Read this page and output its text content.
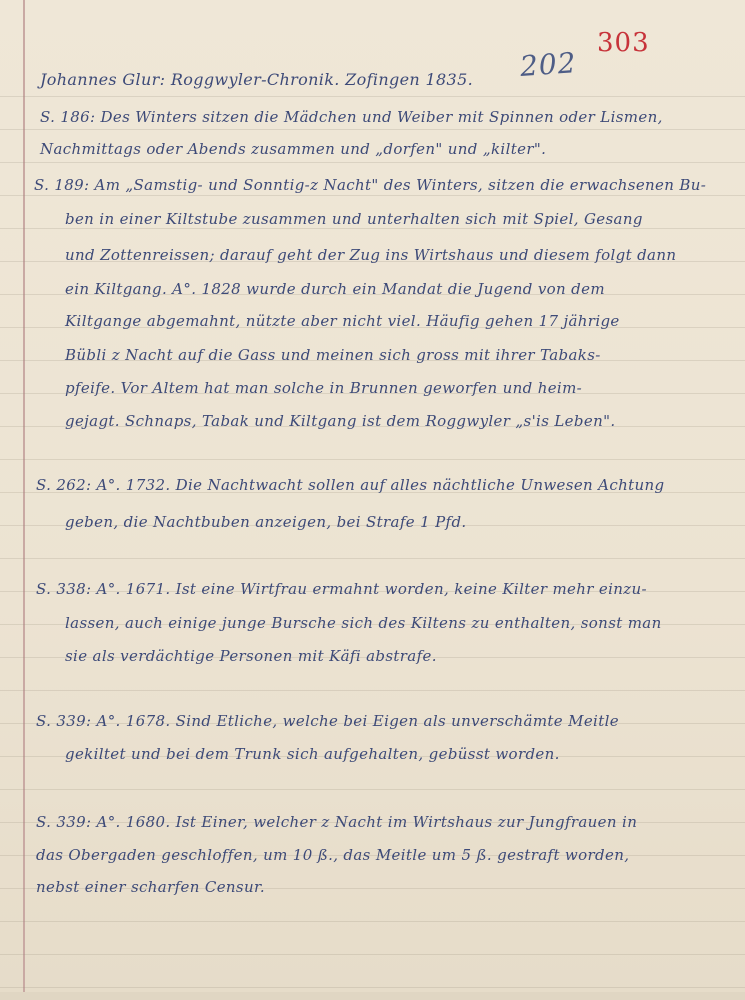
202
303
Johannes Glur: Roggwyler-Chronik. Zofingen 1835.
S. 186: Des Winters sitzen die Mädchen und Weiber mit Spinnen oder Lismen,
Nachmittags oder Abends zusammen und „dorfen" und „kilter".
S. 189: Am „Samstig- und Sonntig-z Nacht" des Winters, sitzen die erwachsenen Bu-
ben in einer Kiltstube zusammen und unterhalten sich mit Spiel, Gesang
und Zottenreissen; darauf geht der Zug ins Wirtshaus und diesem folgt dann
ein Kiltgang. A°. 1828 wurde durch ein Mandat die Jugend von dem
Kiltgange abgemahnt, nützte aber nicht viel. Häufig gehen 17 jährige
Bübli z Nacht auf die Gass und meinen sich gross mit ihrer Tabaks-
pfeife. Vor Altem hat man solche in Brunnen geworfen und heim-
gejagt. Schnaps, Tabak und Kiltgang ist dem Roggwyler „s'is Leben".
S. 262: A°. 1732. Die Nachtwacht sollen auf alles nächtliche Unwesen Achtung
geben, die Nachtbuben anzeigen, bei Strafe 1 Pfd.
S. 338: A°. 1671. Ist eine Wirtfrau ermahnt worden, keine Kilter mehr einzu-
lassen, auch einige junge Bursche sich des Kiltens zu enthalten, sonst man
sie als verdächtige Personen mit Käfi abstrafe.
S. 339: A°. 1678. Sind Etliche, welche bei Eigen als unverschämte Meitle
gekiltet und bei dem Trunk sich aufgehalten, gebüsst worden.
S. 339: A°. 1680. Ist Einer, welcher z Nacht im Wirtshaus zur Jungfrauen in
das Obergaden geschloffen, um 10 ß., das Meitle um 5 ß. gestraft worden,
nebst einer scharfen Censur.
